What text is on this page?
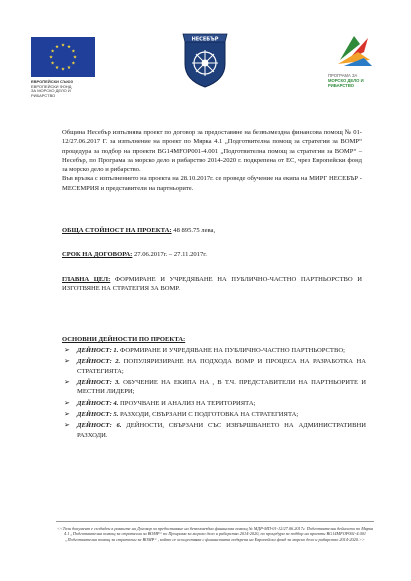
ЕВРОПЕЙСКИ СЪЮЗ
ЕВРОПЕЙСКИ ФОНД
ЗА МОРСКО ДЕЛО И РИБАРСТВО
НЕСЕБЪР
ПРОГРАМА ЗА
МОРСКО ДЕЛО И
РИБАРСТВО

Община Несебър изпълнява проект по договор за предоставяне на безвъзмездна финансова помощ № 01-12/27.06.2017 Г. за изпълнение на проект по Мярка 4.1 „Подготвителна помощ за стратегии за ВОМР“ процедура за подбор на проекти BG14MFOP001-4.001 „Подготвителна помощ за стратегии за ВОМР“ – Несебър, по Програма за морско дело и рибарство 2014-2020 г. подкрепена от ЕС, чрез Европейски фонд за морско дело и рибарство.

Във връзка с изпълнението на проекта на 28.10.2017г. се проведе обучение на екипа на МИРГ НЕСЕБЪР - МЕСЕМРИЯ и представители на партньорите.

ОБЩА СТОЙНОСТ НА ПРОЕКТА: 48 895.75 лева,
СРОК НА ДОГОВОРА: 27.06.2017г. – 27.11.2017г.
ГЛАВНА ЦЕЛ: ФОРМИРАНЕ И УЧРЕДЯВАНЕ НА ПУБЛИЧНО-ЧАСТНО ПАРТНЬОРСТВО И ИЗГОТВЯНЕ НА СТРАТЕГИЯ ЗА ВОМР.
ОСНОВНИ ДЕЙНОСТИ ПО ПРОЕКТА:
➢ ДЕЙНОСТ: 1. ФОРМИРАНЕ И УЧРЕДЯВАНЕ НА ПУБЛИЧНО-ЧАСТНО ПАРТНЬОРСТВО;
➢ ДЕЙНОСТ: 2. ПОПУЛЯРИЗИРАНЕ НА ПОДХОДА ВОМР И ПРОЦЕСА НА РАЗРАБОТКА НА СТРАТЕГИЯТА;
➢ ДЕЙНОСТ: 3. ОБУЧЕНИЕ НА ЕКИПА НА , В Т.Ч. ПРЕДСТАВИТЕЛИ НА ПАРТНЬОРИТЕ И МЕСТНИ ЛИДЕРИ;
➢ ДЕЙНОСТ: 4. ПРОУЧВАНЕ И АНАЛИЗ НА ТЕРИТОРИЯТА;
➢ ДЕЙНОСТ: 5. РАЗХОДИ, СВЪРЗАНИ С ПОДГОТОВКА НА СТРАТЕГИЯТА;
➢ ДЕЙНОСТ: 6. ДЕЙНОСТИ, СВЪРЗАНИ СЪС ИЗВЪРШВАНЕТО НА АДМИНИСТРАТИВНИ РАЗХОДИ.
<<Този документ е създаден в рамките на Договор за предоставяне на безвъзмездна финансова помощ № МДР-МП-01-12/27.06.2017г. Подготвителни дейности по Мярка 4.1 „Подготвителна помощ за стратегии за ВОМР“ по Програма за морско дело и рибарство 2014-2020, по процедура за подбор на проекти BG14MFOP001-4.001 „Подготвителна помощ за стратегии за ВОМР“ , който се осъществява с финансовата подкрепа на Европейски фонд за морско дело и рибарство 2014-2020.>>
